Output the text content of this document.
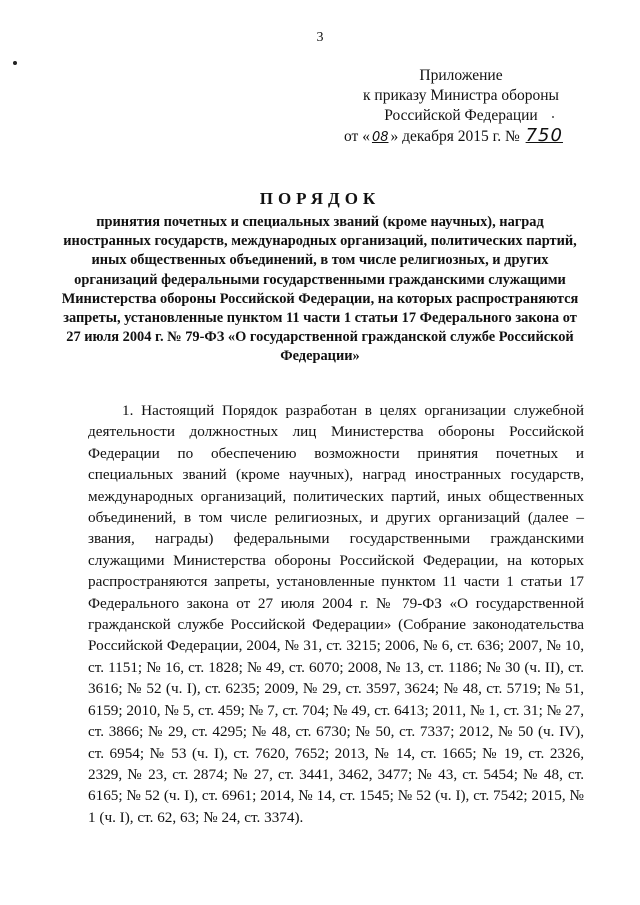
3
Приложение
к приказу Министра обороны
Российской Федерации
от « 08 » декабря 2015 г. № 750
ПОРЯДОК
принятия почетных и специальных званий (кроме научных), наград иностранных государств, международных организаций, политических партий, иных общественных объединений, в том числе религиозных, и других организаций федеральными государственными гражданскими служащими Министерства обороны Российской Федерации, на которых распространяются запреты, установленные пунктом 11 части 1 статьи 17 Федерального закона от 27 июля 2004 г. № 79-ФЗ «О государственной гражданской службе Российской Федерации»

1. Настоящий Порядок разработан в целях организации служебной деятельности должностных лиц Министерства обороны Российской Федерации по обеспечению возможности принятия почетных и специальных званий (кроме научных), наград иностранных государств, международных организаций, политических партий, иных общественных объединений, в том числе религиозных, и других организаций (далее – звания, награды) федеральными государственными гражданскими служащими Министерства обороны Российской Федерации, на которых распространяются запреты, установленные пунктом 11 части 1 статьи 17 Федерального закона от 27 июля 2004 г. № 79-ФЗ «О государственной гражданской службе Российской Федерации» (Собрание законодательства Российской Федерации, 2004, № 31, ст. 3215; 2006, № 6, ст. 636; 2007, № 10, ст. 1151; № 16, ст. 1828; № 49, ст. 6070; 2008, № 13, ст. 1186; № 30 (ч. II), ст. 3616; № 52 (ч. I), ст. 6235; 2009, № 29, ст. 3597, 3624; № 48, ст. 5719; № 51, 6159; 2010, № 5, ст. 459; № 7, ст. 704; № 49, ст. 6413; 2011, № 1, ст. 31; № 27, ст. 3866; № 29, ст. 4295; № 48, ст. 6730; № 50, ст. 7337; 2012, № 50 (ч. IV), ст. 6954; № 53 (ч. I), ст. 7620, 7652; 2013, № 14, ст. 1665; № 19, ст. 2326, 2329, № 23, ст. 2874; № 27, ст. 3441, 3462, 3477; № 43, ст. 5454; № 48, ст. 6165; № 52 (ч. I), ст. 6961; 2014, № 14, ст. 1545; № 52 (ч. I), ст. 7542; 2015, № 1 (ч. I), ст. 62, 63; № 24, ст. 3374).
